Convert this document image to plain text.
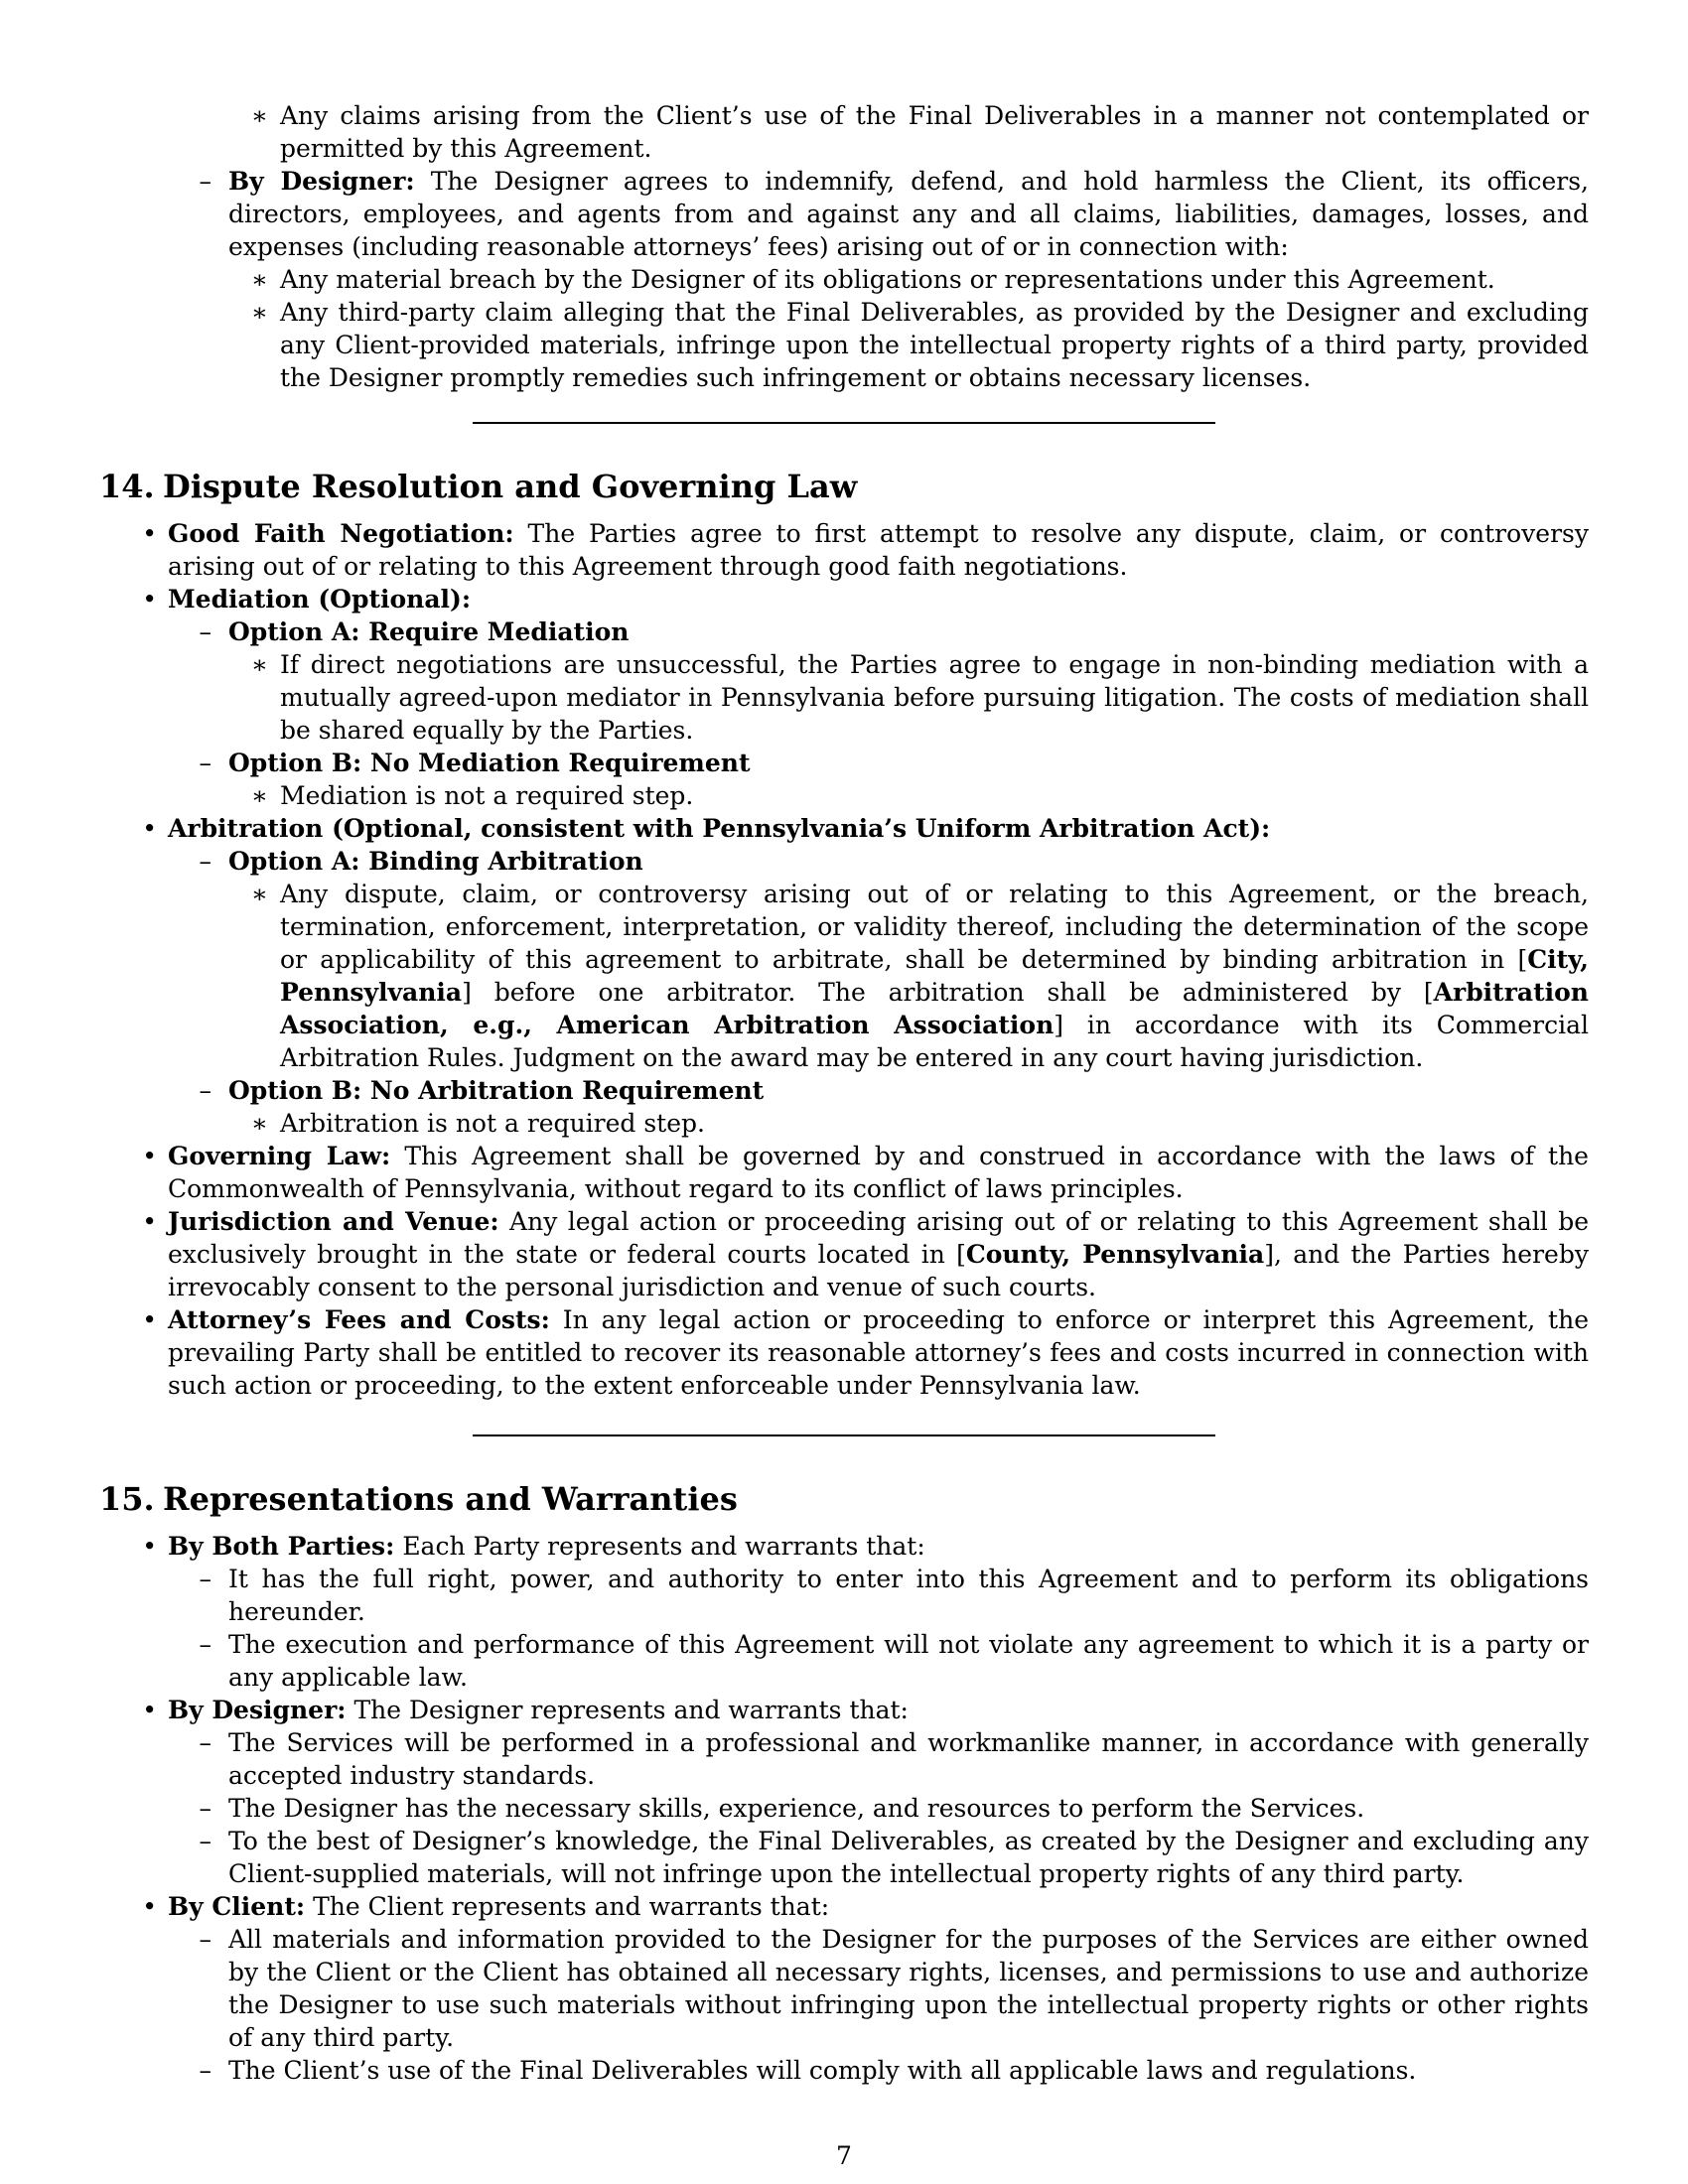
∗ Any claims arising from the Client’s use of the Final Deliverables in a manner not contemplated or permitted by this Agreement.
– By Designer: The Designer agrees to indemnify, defend, and hold harmless the Client, its officers, directors, employees, and agents from and against any and all claims, liabilities, damages, losses, and expenses (including reasonable attorneys’ fees) arising out of or in connection with:
∗ Any material breach by the Designer of its obligations or representations under this Agreement.
∗ Any third-party claim alleging that the Final Deliverables, as provided by the Designer and excluding any Client-provided materials, infringe upon the intellectual property rights of a third party, provided the Designer promptly remedies such infringement or obtains necessary licenses.
14. Dispute Resolution and Governing Law
• Good Faith Negotiation: The Parties agree to first attempt to resolve any dispute, claim, or controversy arising out of or relating to this Agreement through good faith negotiations.
• Mediation (Optional):
– Option A: Require Mediation
∗ If direct negotiations are unsuccessful, the Parties agree to engage in non-binding mediation with a mutually agreed-upon mediator in Pennsylvania before pursuing litigation. The costs of mediation shall be shared equally by the Parties.
– Option B: No Mediation Requirement
∗ Mediation is not a required step.
• Arbitration (Optional, consistent with Pennsylvania’s Uniform Arbitration Act):
– Option A: Binding Arbitration
∗ Any dispute, claim, or controversy arising out of or relating to this Agreement, or the breach, termination, enforcement, interpretation, or validity thereof, including the determination of the scope or applicability of this agreement to arbitrate, shall be determined by binding arbitration in [City, Pennsylvania] before one arbitrator. The arbitration shall be administered by [Arbitration Association, e.g., American Arbitration Association] in accordance with its Commercial Arbitration Rules. Judgment on the award may be entered in any court having jurisdiction.
– Option B: No Arbitration Requirement
∗ Arbitration is not a required step.
• Governing Law: This Agreement shall be governed by and construed in accordance with the laws of the Commonwealth of Pennsylvania, without regard to its conflict of laws principles.
• Jurisdiction and Venue: Any legal action or proceeding arising out of or relating to this Agreement shall be exclusively brought in the state or federal courts located in [County, Pennsylvania], and the Parties hereby irrevocably consent to the personal jurisdiction and venue of such courts.
• Attorney’s Fees and Costs: In any legal action or proceeding to enforce or interpret this Agreement, the prevailing Party shall be entitled to recover its reasonable attorney’s fees and costs incurred in connection with such action or proceeding, to the extent enforceable under Pennsylvania law.
15. Representations and Warranties
• By Both Parties: Each Party represents and warrants that:
– It has the full right, power, and authority to enter into this Agreement and to perform its obligations hereunder.
– The execution and performance of this Agreement will not violate any agreement to which it is a party or any applicable law.
• By Designer: The Designer represents and warrants that:
– The Services will be performed in a professional and workmanlike manner, in accordance with generally accepted industry standards.
– The Designer has the necessary skills, experience, and resources to perform the Services.
– To the best of Designer’s knowledge, the Final Deliverables, as created by the Designer and excluding any Client-supplied materials, will not infringe upon the intellectual property rights of any third party.
• By Client: The Client represents and warrants that:
– All materials and information provided to the Designer for the purposes of the Services are either owned by the Client or the Client has obtained all necessary rights, licenses, and permissions to use and authorize the Designer to use such materials without infringing upon the intellectual property rights or other rights of any third party.
– The Client’s use of the Final Deliverables will comply with all applicable laws and regulations.
7
